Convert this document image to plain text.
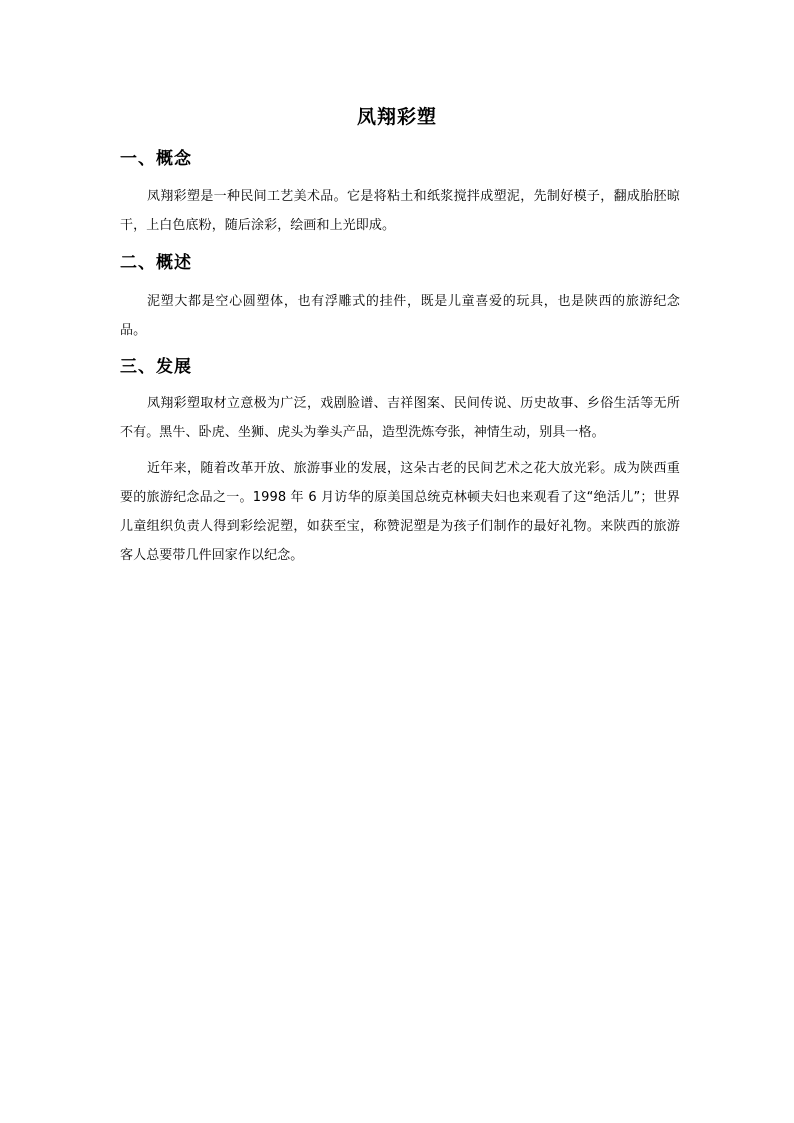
凤翔彩塑
一、概念
凤翔彩塑是一种民间工艺美术品。它是将粘土和纸浆搅拌成塑泥，先制好模子，翻成胎胚晾干，上白色底粉，随后涂彩，绘画和上光即成。
二、概述
泥塑大都是空心圆塑体，也有浮雕式的挂件，既是儿童喜爱的玩具，也是陕西的旅游纪念品。
三、发展
凤翔彩塑取材立意极为广泛，戏剧脸谱、吉祥图案、民间传说、历史故事、乡俗生活等无所不有。黑牛、卧虎、坐狮、虎头为拳头产品，造型洗炼夸张，神情生动，别具一格。
近年来，随着改革开放、旅游事业的发展，这朵古老的民间艺术之花大放光彩。成为陕西重要的旅游纪念品之一。1998 年 6 月访华的原美国总统克林顿夫妇也来观看了这“绝活儿”；世界儿童组织负责人得到彩绘泥塑，如获至宝，称赞泥塑是为孩子们制作的最好礼物。来陕西的旅游客人总要带几件回家作以纪念。
